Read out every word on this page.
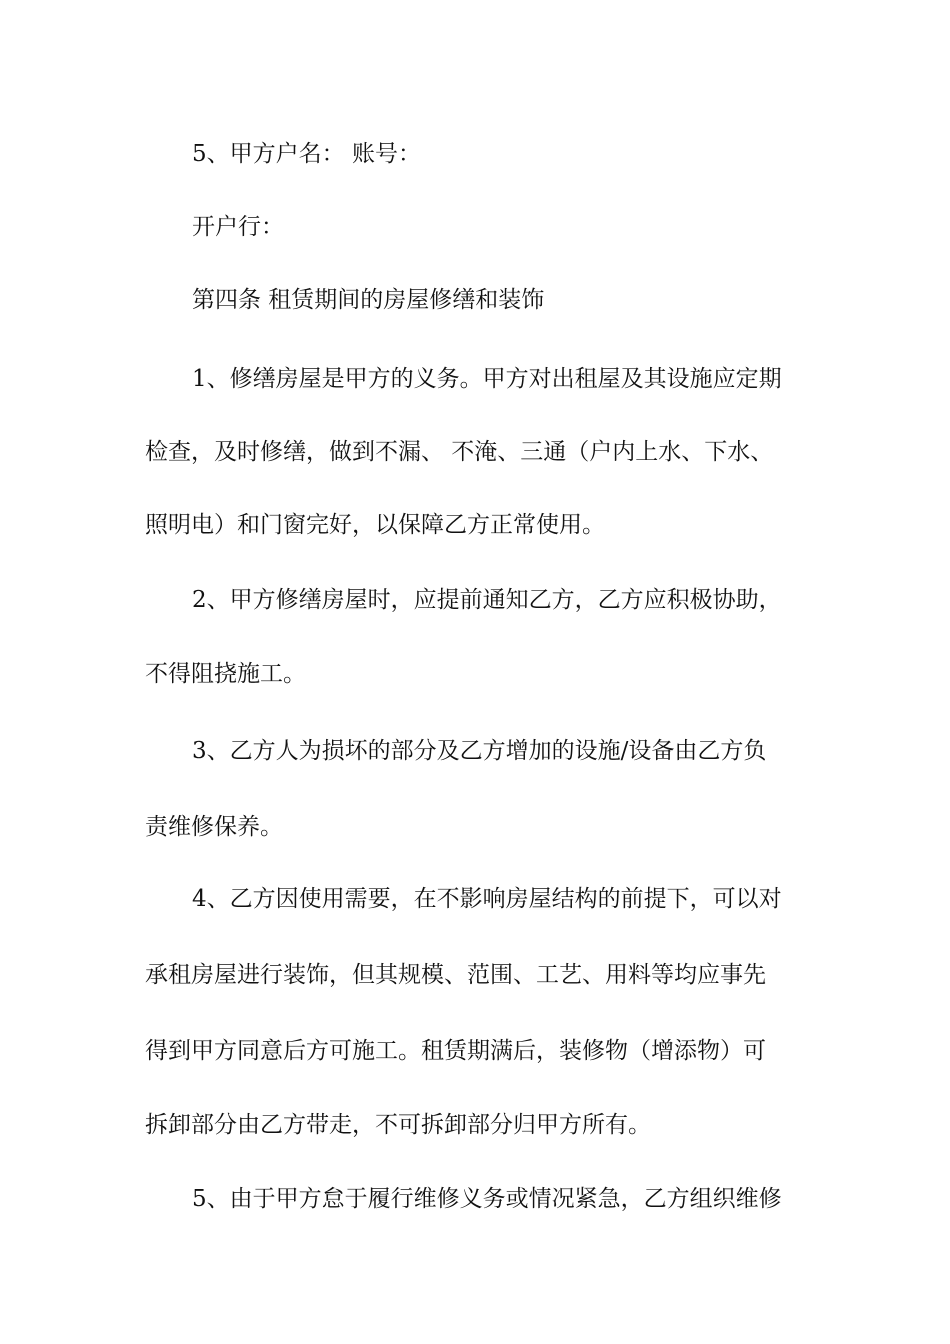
5、甲方户名： 账号：
开户行：
第四条 租赁期间的房屋修缮和装饰
1、修缮房屋是甲方的义务。甲方对出租屋及其设施应定期
检查，及时修缮，做到不漏、 不淹、三通（户内上水、下水、
照明电）和门窗完好，以保障乙方正常使用。
2、甲方修缮房屋时，应提前通知乙方，乙方应积极协助，
不得阻挠施工。
3、乙方人为损坏的部分及乙方增加的设施/设备由乙方负
责维修保养。
4、乙方因使用需要，在不影响房屋结构的前提下，可以对
承租房屋进行装饰，但其规模、范围、工艺、用料等均应事先
得到甲方同意后方可施工。租赁期满后，装修物（增添物）可
拆卸部分由乙方带走，不可拆卸部分归甲方所有。
5、由于甲方怠于履行维修义务或情况紧急，乙方组织维修
